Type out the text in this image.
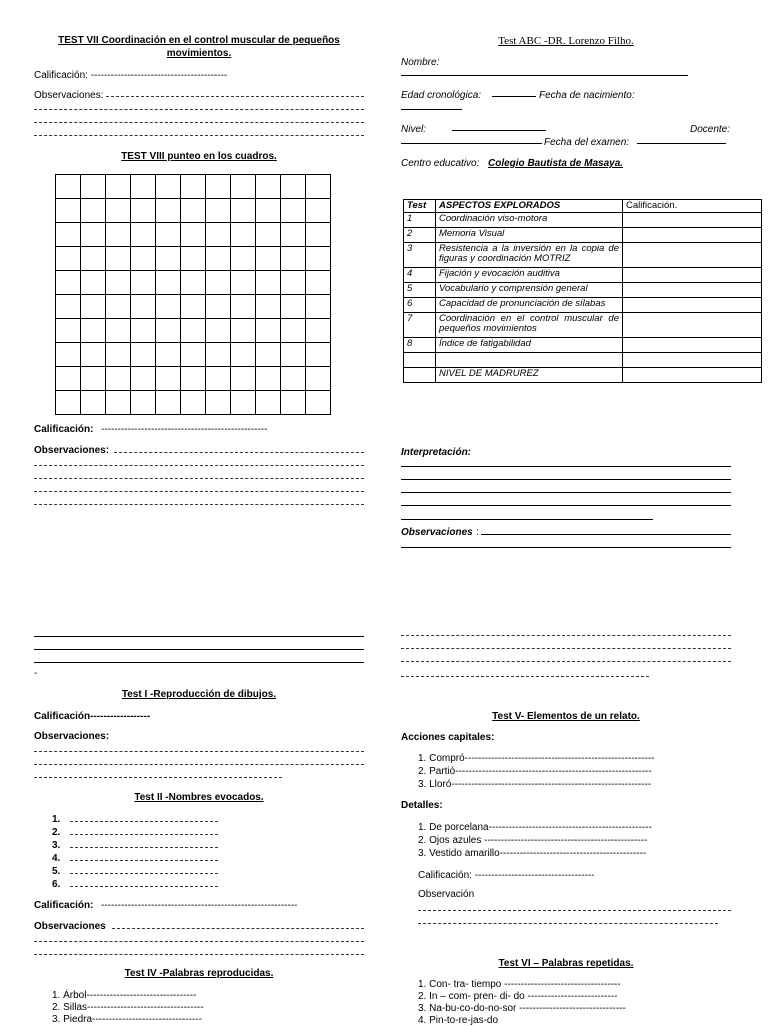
TEST VII Coordinación en el control muscular de pequeños
movimientos.
Calificación: -----------------------------------------
Observaciones:
TEST VIII punteo en los cuadros.

Calificación: --------------------------------------------------
Observaciones:
-
Test I -Reproducción de dibujos.
Calificación------------------
Observaciones:
Test II -Nombres evocados.
1.
2.
3.
4.
5.
6.
Calificación: -----------------------------------------------------------
Observaciones
Test IV -Palabras reproducidas.
1. Árbol---------------------------------
2. Sillas-----------------------------------
3. Piedra---------------------------------
Test ABC -DR. Lorenzo Filho.
Nombre:
Edad cronológica:	Fecha de nacimiento:
Nivel:	Docente:
Fecha del examen:
Centro educativo: Colegio Bautista de Masaya.
Test	ASPECTOS EXPLORADOS	Calificación.
1	Coordinación viso-motora	
2	Memoria Visual	
3	Resistencia a la inversión en la copia de figuras y coordinación MOTRIZ	
4	Fijación y evocación auditiva	
5	Vocabulario y comprensión general	
6	Capacidad de pronunciación de sílabas	
7	Coordinación en el control muscular de pequeños movimientos	
8	Índice de fatigabilidad	

	NIVEL DE MADRUREZ	
Interpretación:
Observaciones :
Test V- Elementos de un relato.
Acciones capitales:
1. Compró---------------------------------------------------------
2. Partió-----------------------------------------------------------
3. Lloró------------------------------------------------------------
Detalles:
1. De porcelana-------------------------------------------------
2. Ojos azules -------------------------------------------------
3. Vestido amarillo--------------------------------------------
Calificación: ------------------------------------
Observación
Test VI – Palabras repetidas.
1. Con- tra- tiempo -----------------------------------
2. In – com- pren- di- do ---------------------------
3. Na-bu-co-do-no-sor --------------------------------
4. Pin-to-re-jas-do
